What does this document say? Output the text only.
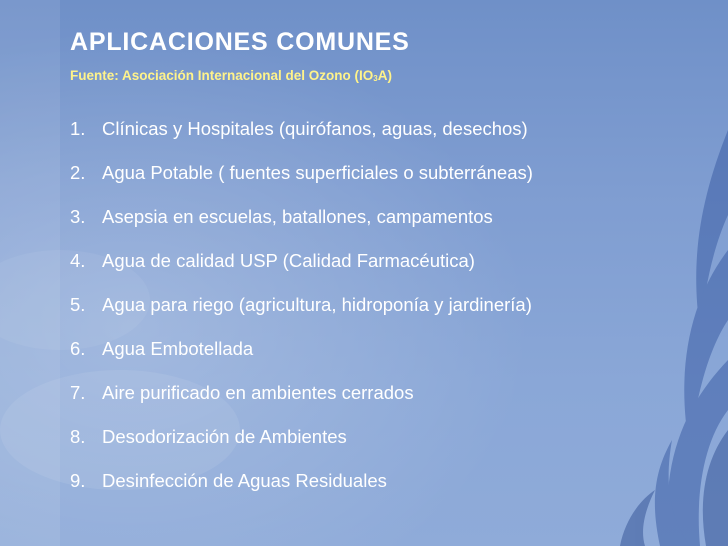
APLICACIONES COMUNES

Fuente: Asociación Internacional del Ozono (IO3A)

1. Clínicas y Hospitales (quirófanos, aguas, desechos)
2. Agua Potable ( fuentes superficiales o subterráneas)
3. Asepsia en escuelas, batallones, campamentos
4. Agua de calidad USP (Calidad Farmacéutica)
5. Agua para riego (agricultura, hidroponía y jardinería)
6. Agua Embotellada
7. Aire purificado en ambientes cerrados
8. Desodorización de Ambientes
9. Desinfección de Aguas Residuales
